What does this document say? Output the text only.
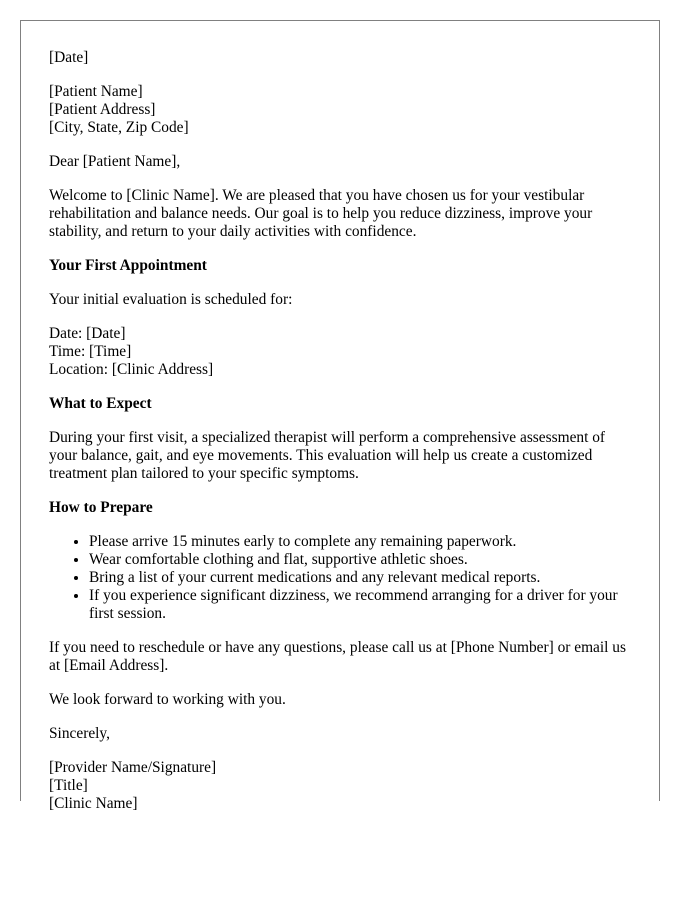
[Date]

[Patient Name]
[Patient Address]
[City, State, Zip Code]

Dear [Patient Name],

Welcome to [Clinic Name]. We are pleased that you have chosen us for your vestibular rehabilitation and balance needs. Our goal is to help you reduce dizziness, improve your stability, and return to your daily activities with confidence.

Your First Appointment

Your initial evaluation is scheduled for:

Date: [Date]
Time: [Time]
Location: [Clinic Address]

What to Expect

During your first visit, a specialized therapist will perform a comprehensive assessment of your balance, gait, and eye movements. This evaluation will help us create a customized treatment plan tailored to your specific symptoms.

How to Prepare
• Please arrive 15 minutes early to complete any remaining paperwork.
• Wear comfortable clothing and flat, supportive athletic shoes.
• Bring a list of your current medications and any relevant medical reports.
• If you experience significant dizziness, we recommend arranging for a driver for your first session.

If you need to reschedule or have any questions, please call us at [Phone Number] or email us at [Email Address].

We look forward to working with you.

Sincerely,

[Provider Name/Signature]
[Title]
[Clinic Name]
